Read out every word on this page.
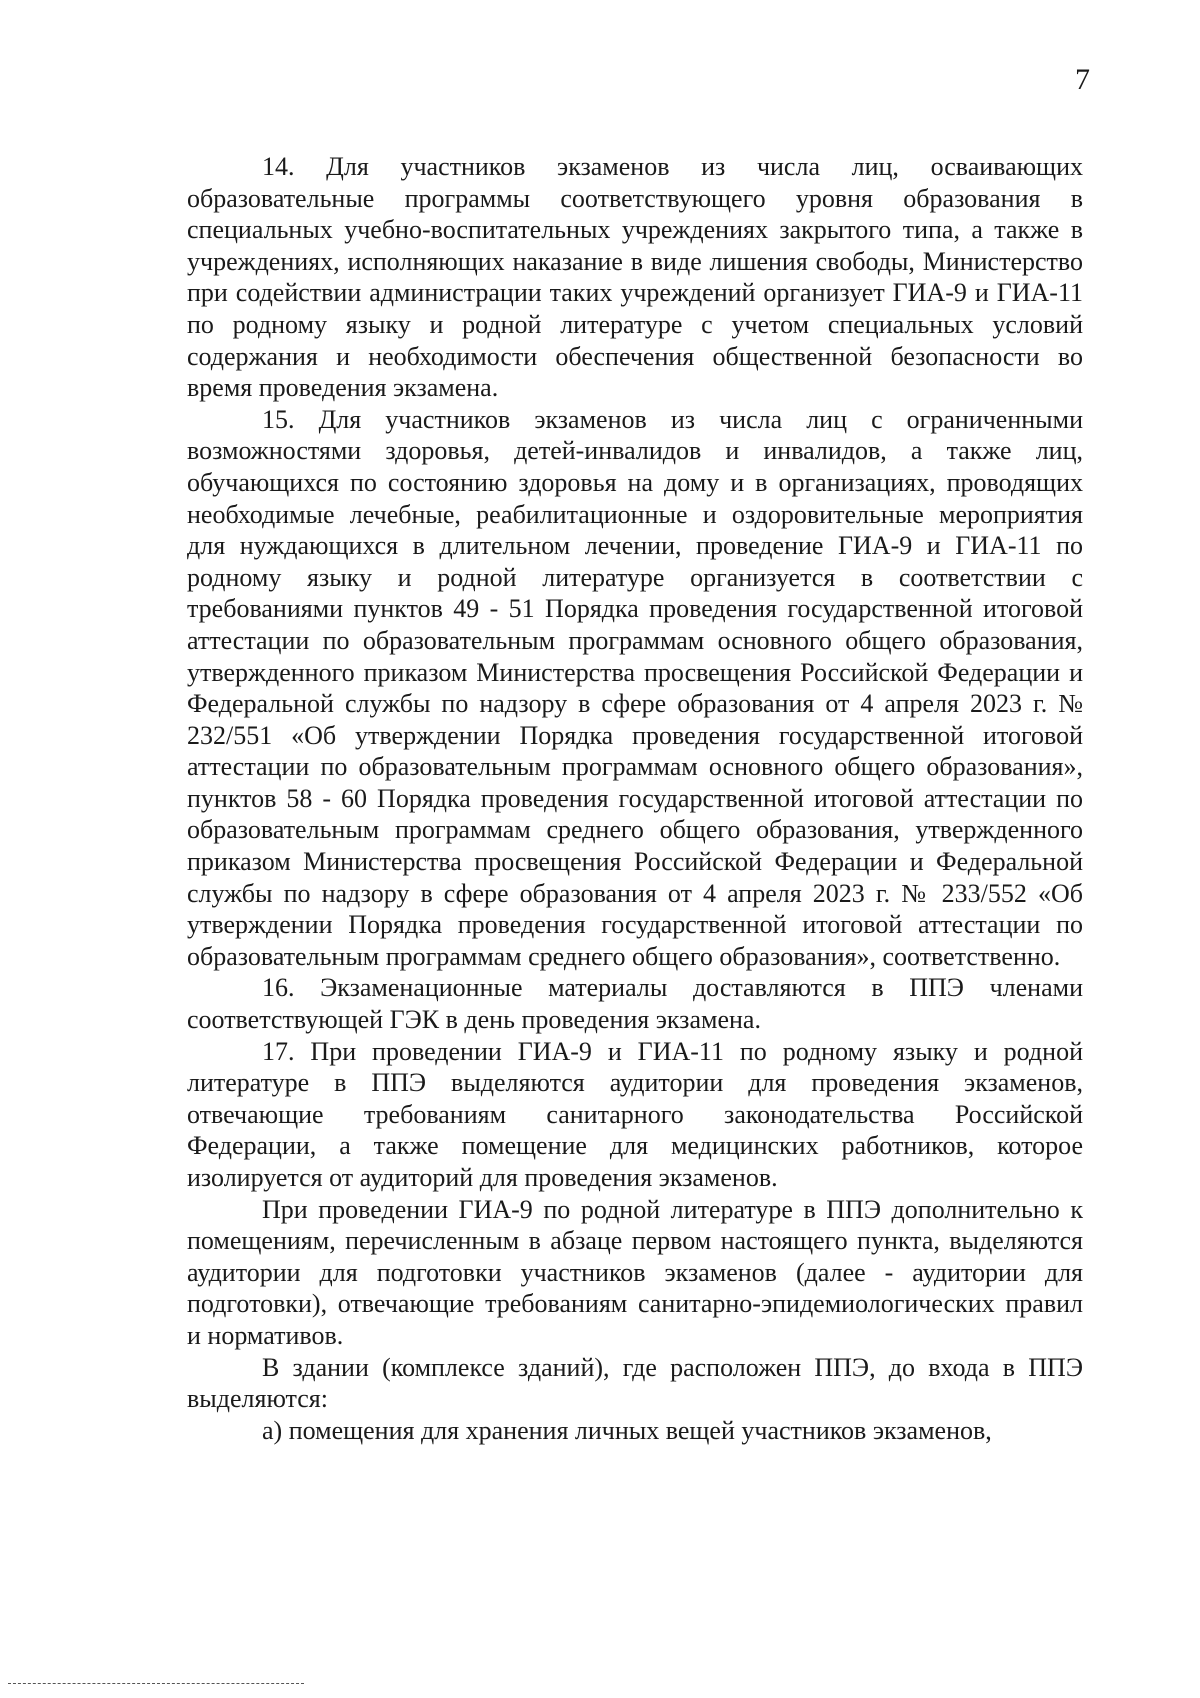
7

14. Для участников экзаменов из числа лиц, осваивающих образовательные программы соответствующего уровня образования в специальных учебно-воспитательных учреждениях закрытого типа, а также в учреждениях, исполняющих наказание в виде лишения свободы, Министерство при содействии администрации таких учреждений организует ГИА-9 и ГИА-11 по родному языку и родной литературе с учетом специальных условий содержания и необходимости обеспечения общественной безопасности во время проведения экзамена.

15. Для участников экзаменов из числа лиц с ограниченными возможностями здоровья, детей-инвалидов и инвалидов, а также лиц, обучающихся по состоянию здоровья на дому и в организациях, проводящих необходимые лечебные, реабилитационные и оздоровительные мероприятия для нуждающихся в длительном лечении, проведение ГИА-9 и ГИА-11 по родному языку и родной литературе организуется в соответствии с требованиями пунктов 49 - 51 Порядка проведения государственной итоговой аттестации по образовательным программам основного общего образования, утвержденного приказом Министерства просвещения Российской Федерации и Федеральной службы по надзору в сфере образования от 4 апреля 2023 г. № 232/551 «Об утверждении Порядка проведения государственной итоговой аттестации по образовательным программам основного общего образования», пунктов 58 - 60 Порядка проведения государственной итоговой аттестации по образовательным программам среднего общего образования, утвержденного приказом Министерства просвещения Российской Федерации и Федеральной службы по надзору в сфере образования от 4 апреля 2023 г. № 233/552 «Об утверждении Порядка проведения государственной итоговой аттестации по образовательным программам среднего общего образования», соответственно.

16. Экзаменационные материалы доставляются в ППЭ членами соответствующей ГЭК в день проведения экзамена.

17. При проведении ГИА-9 и ГИА-11 по родному языку и родной литературе в ППЭ выделяются аудитории для проведения экзаменов, отвечающие требованиям санитарного законодательства Российской Федерации, а также помещение для медицинских работников, которое изолируется от аудиторий для проведения экзаменов.

При проведении ГИА-9 по родной литературе в ППЭ дополнительно к помещениям, перечисленным в абзаце первом настоящего пункта, выделяются аудитории для подготовки участников экзаменов (далее - аудитории для подготовки), отвечающие требованиям санитарно-эпидемиологических правил и нормативов.

В здании (комплексе зданий), где расположен ППЭ, до входа в ППЭ выделяются:

а) помещения для хранения личных вещей участников экзаменов,
